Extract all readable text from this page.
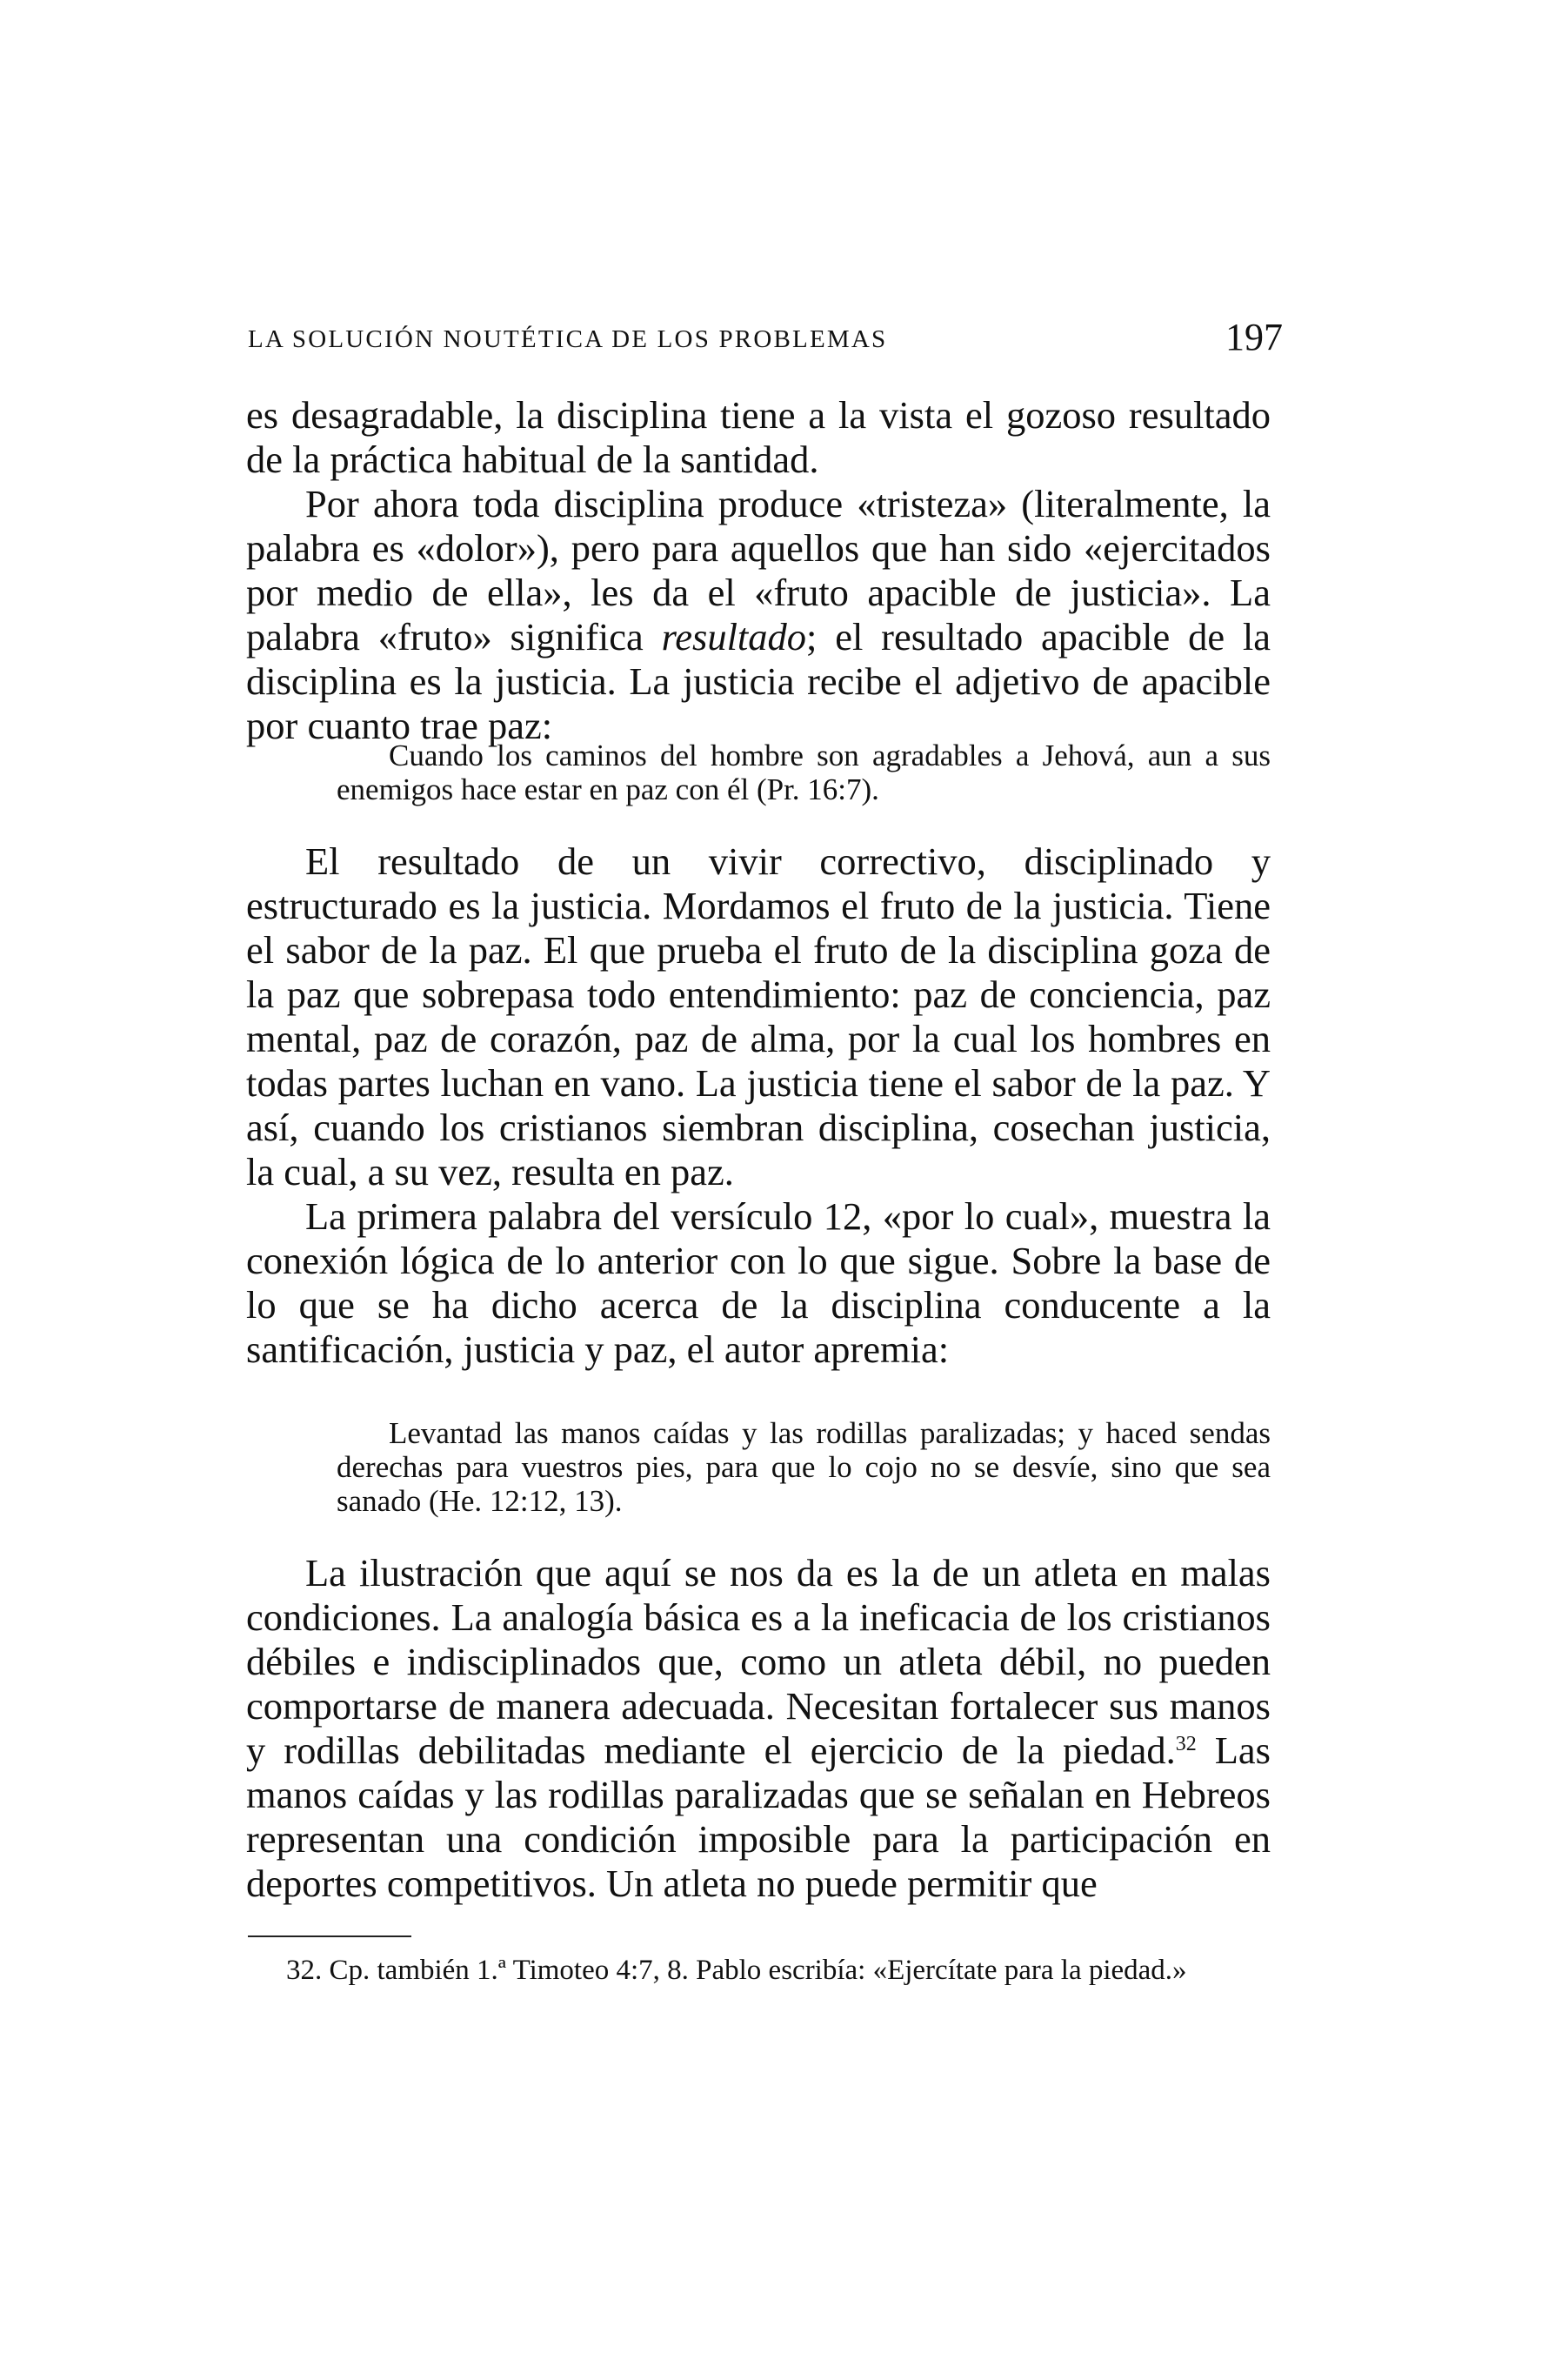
LA SOLUCIÓN NOUTÉTICA DE LOS PROBLEMAS	197

es desagradable, la disciplina tiene a la vista el gozoso resultado de la práctica habitual de la santidad.

Por ahora toda disciplina produce «tristeza» (literalmente, la palabra es «dolor»), pero para aquellos que han sido «ejercitados por medio de ella», les da el «fruto apacible de justicia». La palabra «fruto» significa resultado; el resultado apacible de la disciplina es la justicia. La justicia recibe el adjetivo de apacible por cuanto trae paz:

Cuando los caminos del hombre son agradables a Jehová, aun a sus enemigos hace estar en paz con él (Pr. 16:7).

El resultado de un vivir correctivo, disciplinado y estructurado es la justicia. Mordamos el fruto de la justicia. Tiene el sabor de la paz. El que prueba el fruto de la disciplina goza de la paz que sobrepasa todo entendimiento: paz de conciencia, paz mental, paz de corazón, paz de alma, por la cual los hombres en todas partes luchan en vano. La justicia tiene el sabor de la paz. Y así, cuando los cristianos siembran disciplina, cosechan justicia, la cual, a su vez, resulta en paz.

La primera palabra del versículo 12, «por lo cual», muestra la conexión lógica de lo anterior con lo que sigue. Sobre la base de lo que se ha dicho acerca de la disciplina conducente a la santificación, justicia y paz, el autor apremia:

Levantad las manos caídas y las rodillas paralizadas; y haced sendas derechas para vuestros pies, para que lo cojo no se desvíe, sino que sea sanado (He. 12:12, 13).

La ilustración que aquí se nos da es la de un atleta en malas condiciones. La analogía básica es a la ineficacia de los cristianos débiles e indisciplinados que, como un atleta débil, no pueden comportarse de manera adecuada. Necesitan fortalecer sus manos y rodillas debilitadas mediante el ejercicio de la piedad.$^{32}$ Las manos caídas y las rodillas paralizadas que se señalan en Hebreos representan una condición imposible para la participación en deportes competitivos. Un atleta no puede permitir que

32. Cp. también 1.ª Timoteo 4:7, 8. Pablo escribía: «Ejercítate para la piedad.»
